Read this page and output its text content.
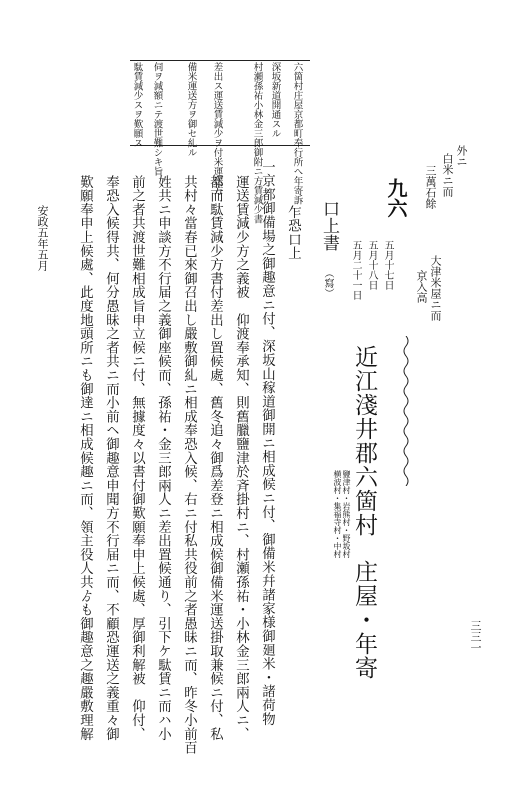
三三一
外ニ
白米ニ而
三萬石餘
大津米屋ニ而
京入高
六箇村庄屋京都町奉行所へ年寄訴
村瀬孫祐小林金三郎御附ニ方賃減少書
差出ス運送賃減少ヲ付米運送方
備米運送方ヲ御セ糺ル
伺ヲ減額ニテ渡世難シキ旨
駄賃減少スヲ歎願ス	深坂新道開通スル
九六
口上書
（寫）	五月十七日
五月十八日
五月二十一日
近江淺井郡六箇村
鹽津村・岩熊村・野坂村
横波村・集福寺村・中村
庄屋・年寄
乍恐口上
一京都御備場之御趣意ニ付、深坂山稼道御開ニ相成候ニ付、御備米幷諸家様御廻米・諸荷物
運送賃減少方之義被　仰渡奉承知、則舊臘鹽津於斉掛村ニ、村瀬孫祐・小林金三郎兩人ニ、
都而駄賃減少方書付差出し置候處、舊冬追々御爲差登ニ相成候御備米運送掛取兼候ニ付、私
共村々當春已來御召出し嚴敷御糺ニ相成奉恐入候、右ニ付私共役前之者愚昧ニ而、昨冬小前百
姓共ニ申談方不行届之義御座候而、孫祐・金三郎兩人ニ差出置候通り、引下ケ駄賃ニ而ハ小
前之者共渡世難相成旨申立候ニ付、無據度々以書付御歎願奉申上候處、厚御利解被　仰付、
奉恐入候得共、何分愚昧之者共ニ而小前ヘ御趣意申聞方不行届ニ而、不顧恐運送之義重々御
歎願奉申上候處、此度地頭所ニも御達ニ相成候趣ニ而、領主役人共ゟも御趣意之趣嚴敷理解
安政五年五月
